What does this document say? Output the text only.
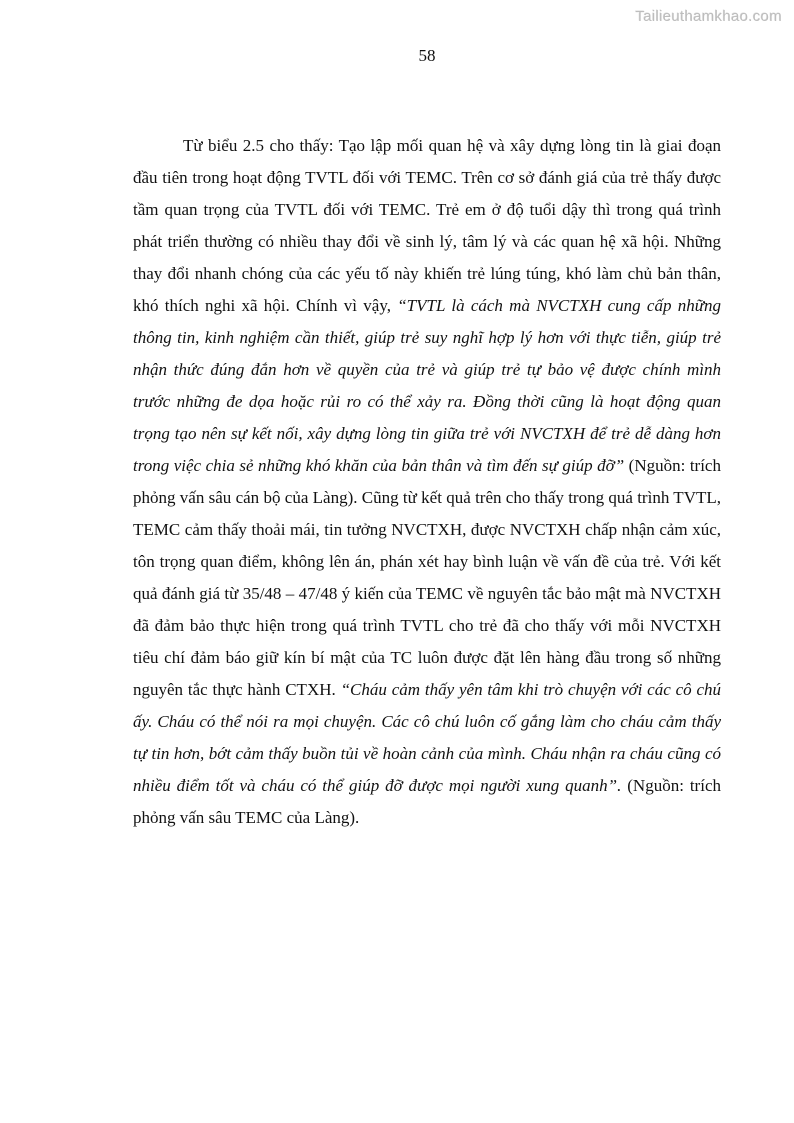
Tailieuthamkhao.com
58
Từ biểu 2.5 cho thấy: Tạo lập mối quan hệ và xây dựng lòng tin là giai đoạn đầu tiên trong hoạt động TVTL đối với TEMC. Trên cơ sở đánh giá của trẻ thấy được tầm quan trọng của TVTL đối với TEMC. Trẻ em ở độ tuổi dậy thì trong quá trình phát triển thường có nhiều thay đổi về sinh lý, tâm lý và các quan hệ xã hội. Những thay đổi nhanh chóng của các yếu tố này khiến trẻ lúng túng, khó làm chủ bản thân, khó thích nghi xã hội. Chính vì vậy, “TVTL là cách mà NVCTXH cung cấp những thông tin, kinh nghiệm cần thiết, giúp trẻ suy nghĩ hợp lý hơn với thực tiễn, giúp trẻ nhận thức đúng đắn hơn về quyền của trẻ và giúp trẻ tự bảo vệ được chính mình trước những đe dọa hoặc rủi ro có thể xảy ra. Đồng thời cũng là hoạt động quan trọng tạo nên sự kết nối, xây dựng lòng tin giữa trẻ với NVCTXH để trẻ dễ dàng hơn trong việc chia sẻ những khó khăn của bản thân và tìm đến sự giúp đỡ” (Nguồn: trích phỏng vấn sâu cán bộ của Làng). Cũng từ kết quả trên cho thấy trong quá trình TVTL, TEMC cảm thấy thoải mái, tin tưởng NVCTXH, được NVCTXH chấp nhận cảm xúc, tôn trọng quan điểm, không lên án, phán xét hay bình luận về vấn đề của trẻ. Với kết quả đánh giá từ 35/48 – 47/48 ý kiến của TEMC về nguyên tắc bảo mật mà NVCTXH đã đảm bảo thực hiện trong quá trình TVTL cho trẻ đã cho thấy với mỗi NVCTXH tiêu chí đảm báo giữ kín bí mật của TC luôn được đặt lên hàng đầu trong số những nguyên tắc thực hành CTXH. “Cháu cảm thấy yên tâm khi trò chuyện với các cô chú ấy. Cháu có thể nói ra mọi chuyện. Các cô chú luôn cố gắng làm cho cháu cảm thấy tự tin hơn, bớt cảm thấy buồn tủi về hoàn cảnh của mình. Cháu nhận ra cháu cũng có nhiều điểm tốt và cháu có thể giúp đỡ được mọi người xung quanh”. (Nguồn: trích phỏng vấn sâu TEMC của Làng).
